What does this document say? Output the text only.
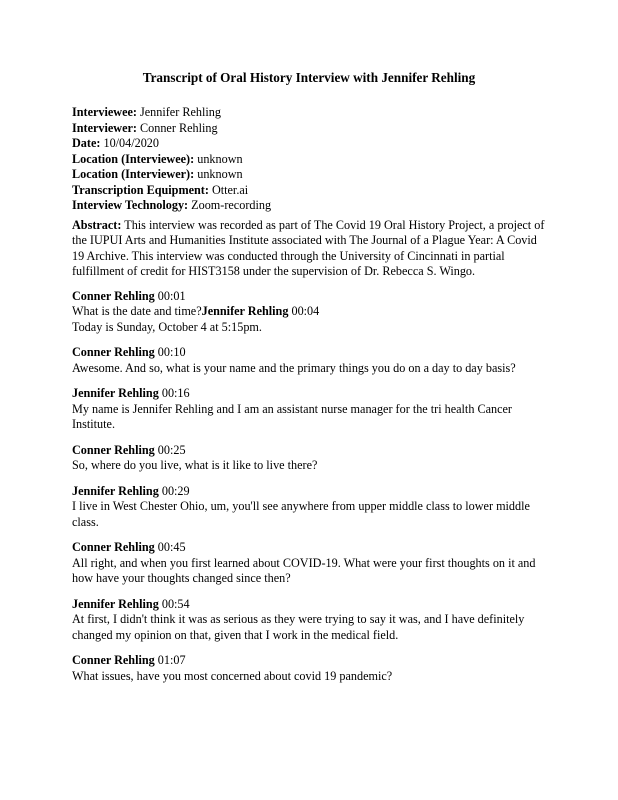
Transcript of Oral History Interview with Jennifer Rehling
Interviewee: Jennifer Rehling
Interviewer: Conner Rehling
Date: 10/04/2020
Location (Interviewee): unknown
Location (Interviewer): unknown
Transcription Equipment: Otter.ai
Interview Technology: Zoom-recording

Abstract: This interview was recorded as part of The Covid 19 Oral History Project, a project of the IUPUI Arts and Humanities Institute associated with The Journal of a Plague Year: A Covid 19 Archive. This interview was conducted through the University of Cincinnati in partial fulfillment of credit for HIST3158 under the supervision of Dr. Rebecca S. Wingo.

Conner Rehling 00:01
What is the date and time?Jennifer Rehling 00:04
Today is Sunday, October 4 at 5:15pm.
Conner Rehling 00:10
Awesome. And so, what is your name and the primary things you do on a day to day basis?
Jennifer Rehling 00:16
My name is Jennifer Rehling and I am an assistant nurse manager for the tri health Cancer Institute.
Conner Rehling 00:25
So, where do you live, what is it like to live there?
Jennifer Rehling 00:29
I live in West Chester Ohio, um, you'll see anywhere from upper middle class to lower middle class.
Conner Rehling 00:45
All right, and when you first learned about COVID-19. What were your first thoughts on it and how have your thoughts changed since then?
Jennifer Rehling 00:54
At first, I didn't think it was as serious as they were trying to say it was, and I have definitely changed my opinion on that, given that I work in the medical field.
Conner Rehling 01:07
What issues, have you most concerned about covid 19 pandemic?
